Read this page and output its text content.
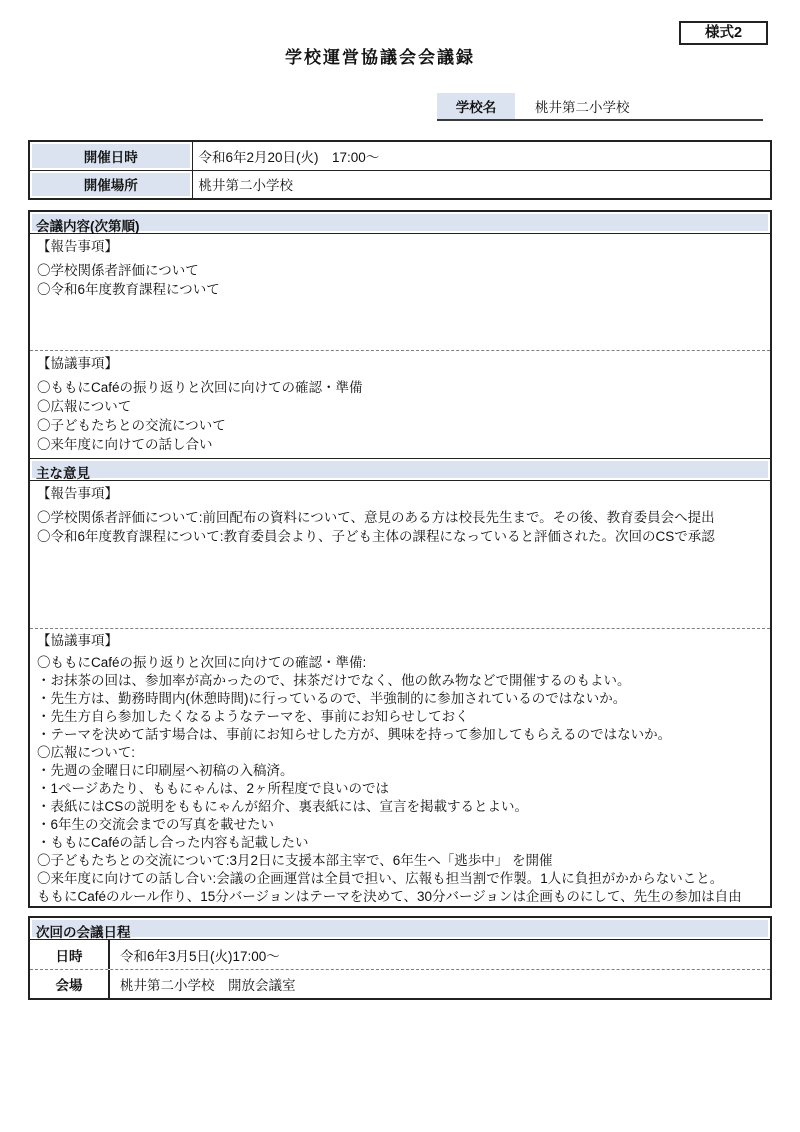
様式2
学校運営協議会会議録
学校名	桃井第二小学校
開催日時	令和6年2月20日(火)　17:00～
開催場所	桃井第二小学校
会議内容(次第順)
【報告事項】
〇学校関係者評価について
〇令和6年度教育課程について
【協議事項】
〇ももにCaféの振り返りと次回に向けての確認・準備
〇広報について
〇子どもたちとの交流について
〇来年度に向けての話し合い
主な意見
【報告事項】
〇学校関係者評価について:前回配布の資料について、意見のある方は校長先生まで。その後、教育委員会へ提出
〇令和6年度教育課程について:教育委員会より、子ども主体の課程になっていると評価された。次回のCSで承認
【協議事項】
〇ももにCaféの振り返りと次回に向けての確認・準備:
・お抹茶の回は、参加率が高かったので、抹茶だけでなく、他の飲み物などで開催するのもよい。
・先生方は、勤務時間内(休憩時間)に行っているので、半強制的に参加されているのではないか。
・先生方自ら参加したくなるようなテーマを、事前にお知らせしておく
・テーマを決めて話す場合は、事前にお知らせした方が、興味を持って参加してもらえるのではないか。
〇広報について:
・先週の金曜日に印刷屋へ初稿の入稿済。
・1ページあたり、ももにゃんは、2ヶ所程度で良いのでは
・表紙にはCSの説明をももにゃんが紹介、裏表紙には、宣言を掲載するとよい。
・6年生の交流会までの写真を載せたい
・ももにCaféの話し合った内容も記載したい
〇子どもたちとの交流について:3月2日に支援本部主宰で、6年生へ「逃歩中」 を開催
〇来年度に向けての話し合い:会議の企画運営は全員で担い、広報も担当割で作製。1人に負担がかからないこと。
ももにCaféのルール作り、15分バージョンはテーマを決めて、30分バージョンは企画ものにして、先生の参加は自由
次回の会議日程
日時	令和6年3月5日(火)17:00～
会場	桃井第二小学校　開放会議室
